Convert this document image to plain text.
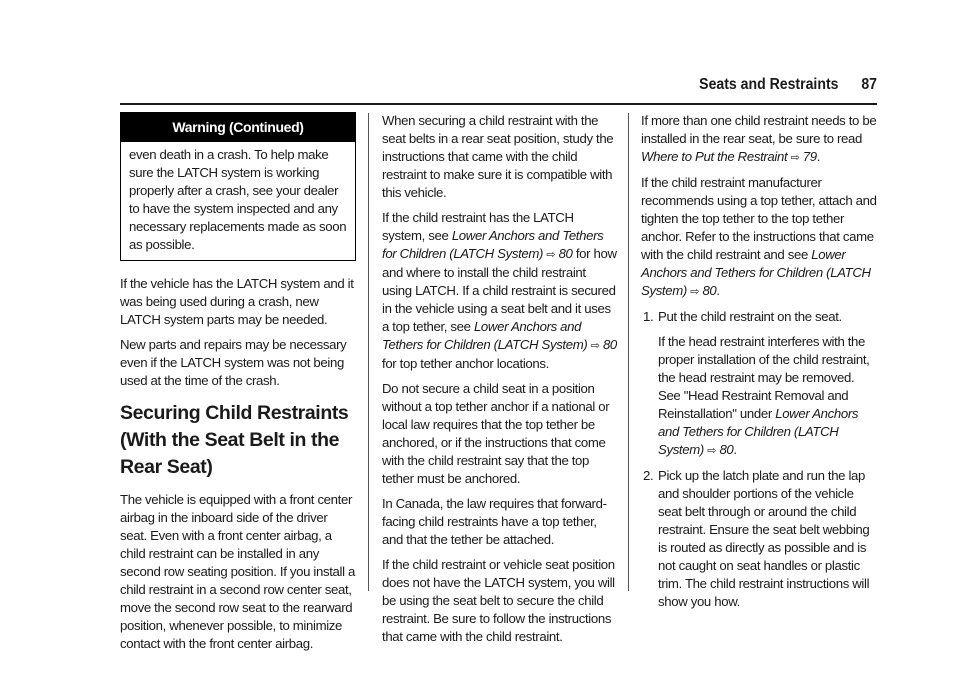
Seats and Restraints 87
Warning (Continued)
even death in a crash. To help make sure the LATCH system is working properly after a crash, see your dealer to have the system inspected and any necessary replacements made as soon as possible.

If the vehicle has the LATCH system and it was being used during a crash, new LATCH system parts may be needed.

New parts and repairs may be necessary even if the LATCH system was not being used at the time of the crash.

Securing Child Restraints (With the Seat Belt in the Rear Seat)

The vehicle is equipped with a front center airbag in the inboard side of the driver seat. Even with a front center airbag, a child restraint can be installed in any second row seating position. If you install a child restraint in a second row center seat, move the second row seat to the rearward position, whenever possible, to minimize contact with the front center airbag.

When securing a child restraint with the seat belts in a rear seat position, study the instructions that came with the child restraint to make sure it is compatible with this vehicle.

If the child restraint has the LATCH system, see Lower Anchors and Tethers for Children (LATCH System) ⇨ 80 for how and where to install the child restraint using LATCH. If a child restraint is secured in the vehicle using a seat belt and it uses a top tether, see Lower Anchors and Tethers for Children (LATCH System) ⇨ 80 for top tether anchor locations.

Do not secure a child seat in a position without a top tether anchor if a national or local law requires that the top tether be anchored, or if the instructions that come with the child restraint say that the top tether must be anchored.

In Canada, the law requires that forward-facing child restraints have a top tether, and that the tether be attached.

If the child restraint or vehicle seat position does not have the LATCH system, you will be using the seat belt to secure the child restraint. Be sure to follow the instructions that came with the child restraint.

If more than one child restraint needs to be installed in the rear seat, be sure to read Where to Put the Restraint ⇨ 79.

If the child restraint manufacturer recommends using a top tether, attach and tighten the top tether to the top tether anchor. Refer to the instructions that came with the child restraint and see Lower Anchors and Tethers for Children (LATCH System) ⇨ 80.

1. Put the child restraint on the seat.

If the head restraint interferes with the proper installation of the child restraint, the head restraint may be removed. See "Head Restraint Removal and Reinstallation" under Lower Anchors and Tethers for Children (LATCH System) ⇨ 80.

2. Pick up the latch plate and run the lap and shoulder portions of the vehicle seat belt through or around the child restraint. Ensure the seat belt webbing is routed as directly as possible and is not caught on seat handles or plastic trim. The child restraint instructions will show you how.
